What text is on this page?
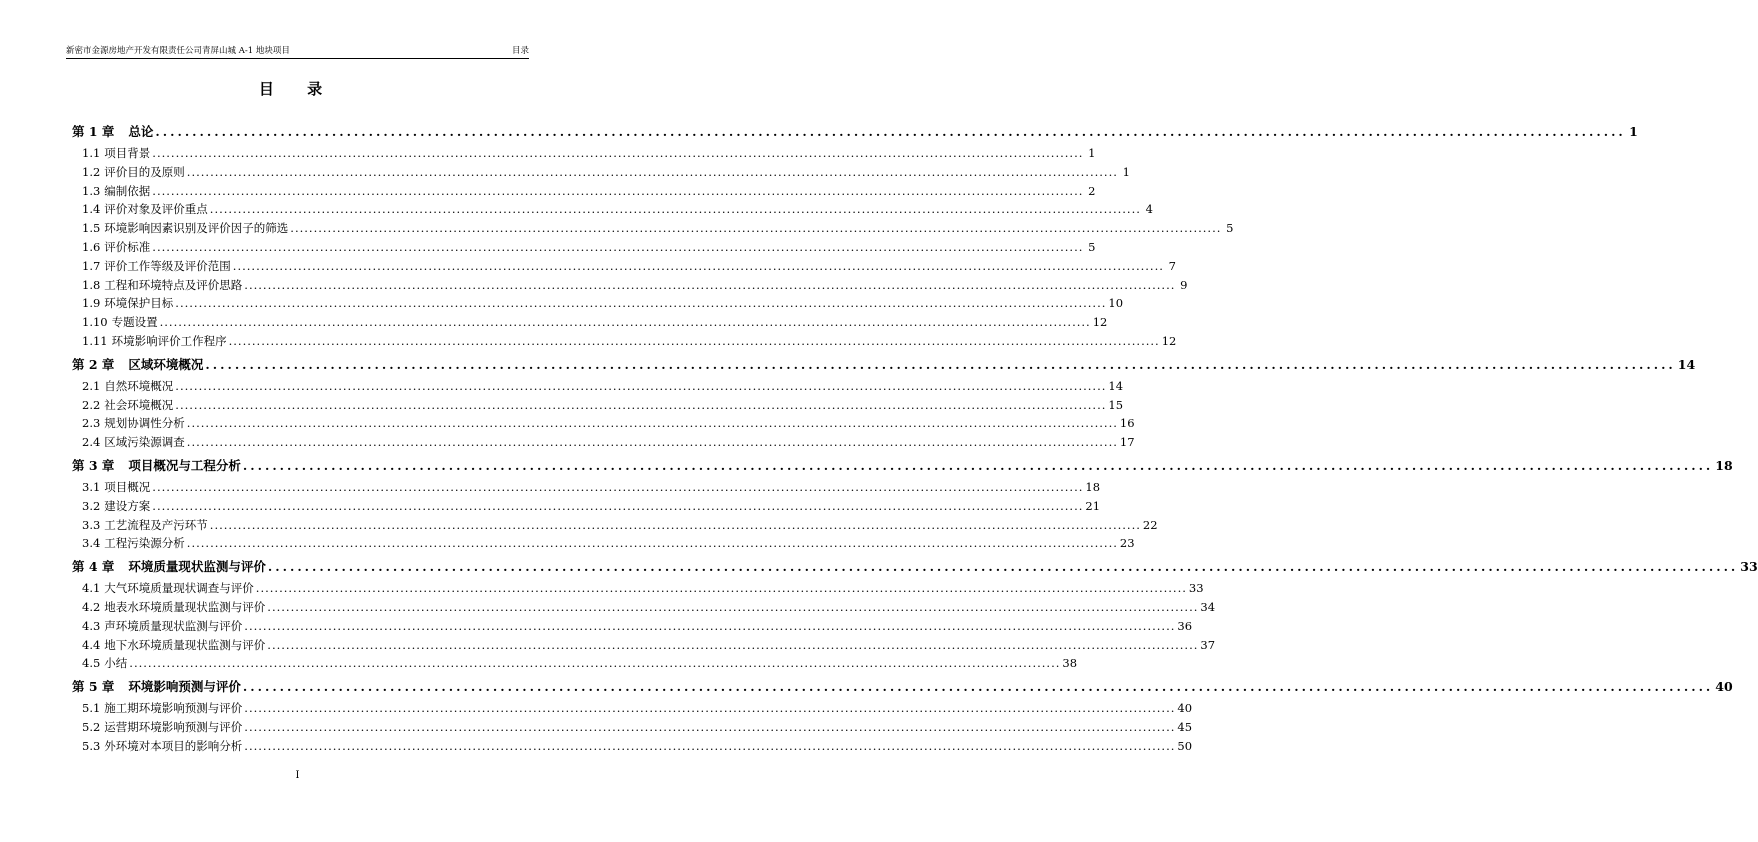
新密市金源房地产开发有限责任公司青屏山城 A-1 地块项目	目录
目 录
第 1 章 总论 ........................................................................................................................................................................................................ 1
1.1 项目背景 ........................................................................................................................................................................................................ 1
1.2 评价目的及原则 ........................................................................................................................................................................................................ 1
1.3 编制依据 ........................................................................................................................................................................................................ 2
1.4 评价对象及评价重点 ........................................................................................................................................................................................................ 4
1.5 环境影响因素识别及评价因子的筛选 ........................................................................................................................................................................................................ 5
1.6 评价标准 ........................................................................................................................................................................................................ 5
1.7 评价工作等级及评价范围 ........................................................................................................................................................................................................ 7
1.8 工程和环境特点及评价思路 ........................................................................................................................................................................................................ 9
1.9 环境保护目标 ........................................................................................................................................................................................................ 10
1.10 专题设置 ........................................................................................................................................................................................................ 12
1.11 环境影响评价工作程序 ........................................................................................................................................................................................................ 12
第 2 章 区域环境概况 ........................................................................................................................................................................................................ 14
2.1 自然环境概况 ........................................................................................................................................................................................................ 14
2.2 社会环境概况 ........................................................................................................................................................................................................ 15
2.3 规划协调性分析 ........................................................................................................................................................................................................ 16
2.4 区域污染源调查 ........................................................................................................................................................................................................ 17
第 3 章 项目概况与工程分析 ........................................................................................................................................................................................................ 18
3.1 项目概况 ........................................................................................................................................................................................................ 18
3.2 建设方案 ........................................................................................................................................................................................................ 21
3.3 工艺流程及产污环节 ........................................................................................................................................................................................................ 22
3.4 工程污染源分析 ........................................................................................................................................................................................................ 23
第 4 章 环境质量现状监测与评价 ........................................................................................................................................................................................................ 33
4.1 大气环境质量现状调查与评价 ........................................................................................................................................................................................................ 33
4.2 地表水环境质量现状监测与评价 ........................................................................................................................................................................................................ 34
4.3 声环境质量现状监测与评价 ........................................................................................................................................................................................................ 36
4.4 地下水环境质量现状监测与评价 ........................................................................................................................................................................................................ 37
4.5 小结 ........................................................................................................................................................................................................ 38
第 5 章 环境影响预测与评价 ........................................................................................................................................................................................................ 40
5.1 施工期环境影响预测与评价 ........................................................................................................................................................................................................ 40
5.2 运营期环境影响预测与评价 ........................................................................................................................................................................................................ 45
5.3 外环境对本项目的影响分析 ........................................................................................................................................................................................................ 50
I
